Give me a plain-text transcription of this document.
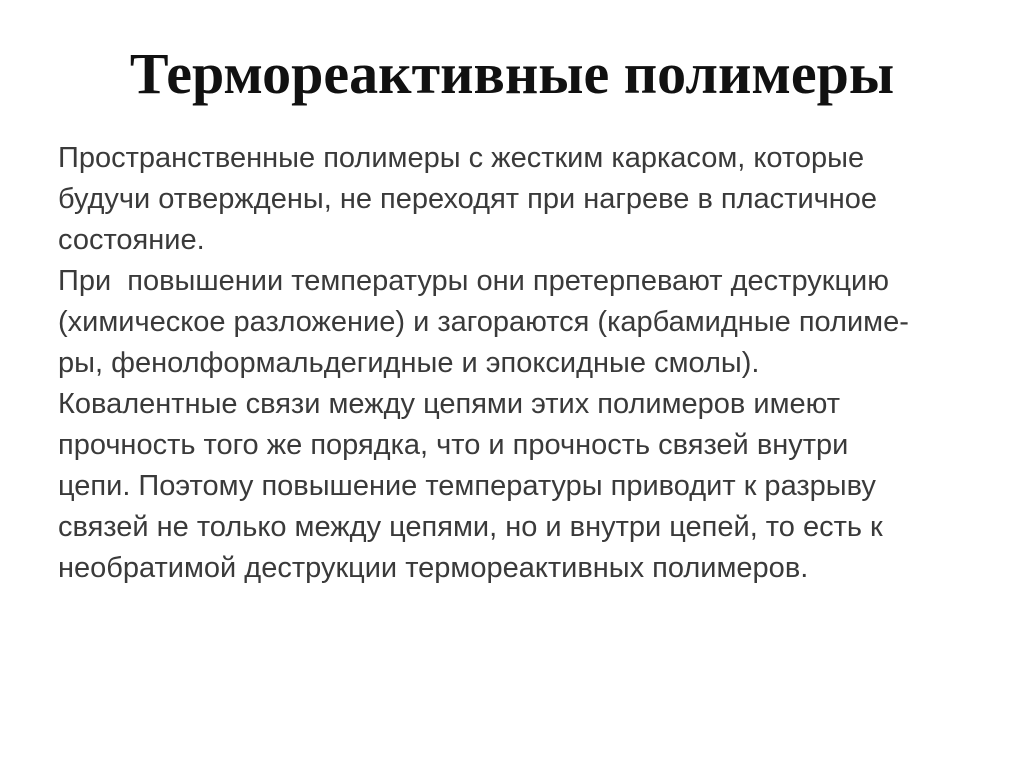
Термореактивные полимеры
Пространственные полимеры с жестким каркасом, которые
будучи отверждены, не переходят при нагреве в пластичное
состояние.
При  повышении температуры они претерпевают деструкцию
(химическое разложение) и загораются (карбамидные полиме-
ры, фенолформальдегидные и эпоксидные смолы).
Ковалентные связи между цепями этих полимеров имеют
прочность того же порядка, что и прочность связей внутри
цепи. Поэтому повышение температуры приводит к разрыву
связей не только между цепями, но и внутри цепей, то есть к
необратимой деструкции термореактивных полимеров.
